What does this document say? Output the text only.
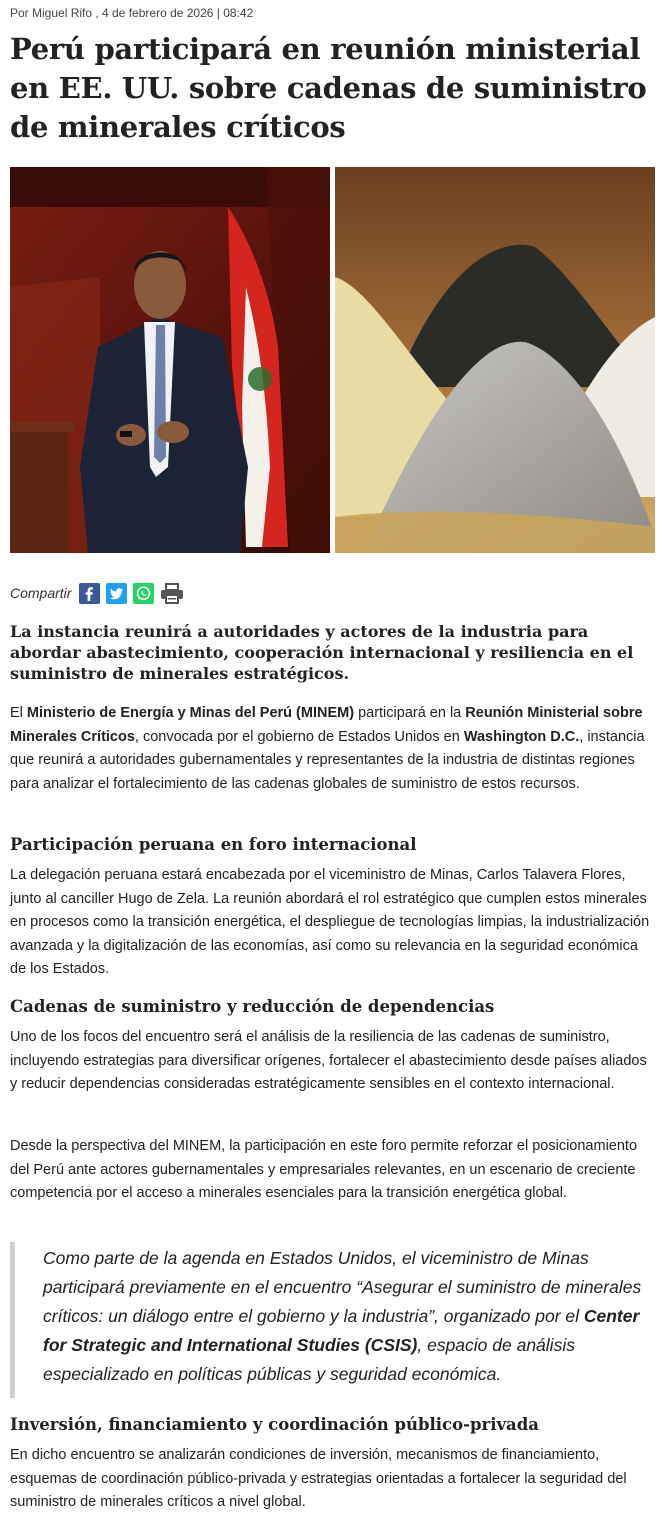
Por Miguel Rifo , 4 de febrero de 2026 | 08:42
Perú participará en reunión ministerial en EE. UU. sobre cadenas de suministro de minerales críticos
Compartir

La instancia reunirá a autoridades y actores de la industria para abordar abastecimiento, cooperación internacional y resiliencia en el suministro de minerales estratégicos.

El Ministerio de Energía y Minas del Perú (MINEM) participará en la Reunión Ministerial sobre Minerales Críticos, convocada por el gobierno de Estados Unidos en Washington D.C., instancia que reunirá a autoridades gubernamentales y representantes de la industria de distintas regiones para analizar el fortalecimiento de las cadenas globales de suministro de estos recursos.

Participación peruana en foro internacional

La delegación peruana estará encabezada por el viceministro de Minas, Carlos Talavera Flores, junto al canciller Hugo de Zela. La reunión abordará el rol estratégico que cumplen estos minerales en procesos como la transición energética, el despliegue de tecnologías limpias, la industrialización avanzada y la digitalización de las economías, así como su relevancia en la seguridad económica de los Estados.

Cadenas de suministro y reducción de dependencias

Uno de los focos del encuentro será el análisis de la resiliencia de las cadenas de suministro, incluyendo estrategias para diversificar orígenes, fortalecer el abastecimiento desde países aliados y reducir dependencias consideradas estratégicamente sensibles en el contexto internacional.

Desde la perspectiva del MINEM, la participación en este foro permite reforzar el posicionamiento del Perú ante actores gubernamentales y empresariales relevantes, en un escenario de creciente competencia por el acceso a minerales esenciales para la transición energética global.

Como parte de la agenda en Estados Unidos, el viceministro de Minas participará previamente en el encuentro “Asegurar el suministro de minerales críticos: un diálogo entre el gobierno y la industria”, organizado por el Center for Strategic and International Studies (CSIS), espacio de análisis especializado en políticas públicas y seguridad económica.

Inversión, financiamiento y coordinación público-privada

En dicho encuentro se analizarán condiciones de inversión, mecanismos de financiamiento, esquemas de coordinación público-privada y estrategias orientadas a fortalecer la seguridad del suministro de minerales críticos a nivel global.
